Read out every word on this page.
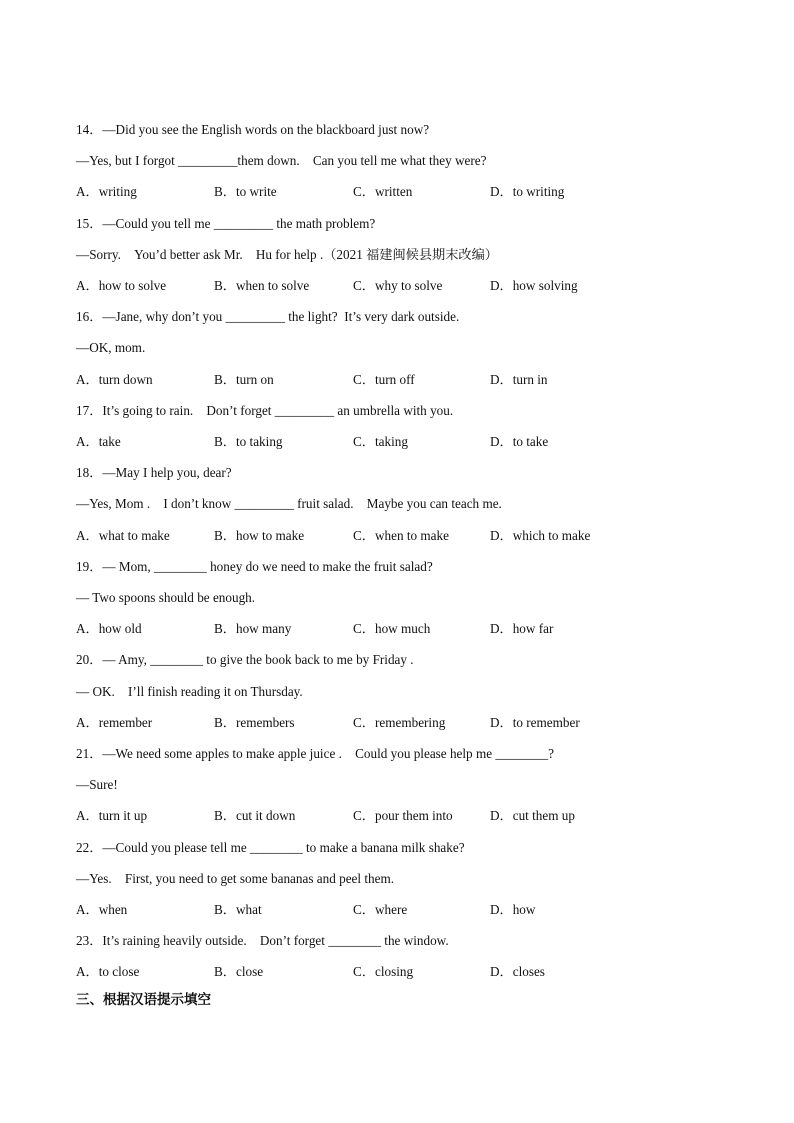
14．—Did you see the English words on the blackboard just now?
—Yes, but I forgot _________them down.　Can you tell me what they were?
A．writing	B．to write	C．written	D．to writing
15．—Could you tell me _________ the math problem?
—Sorry.　You’d better ask Mr.　Hu for help .（2021 福建闽候县期末改编）
A．how to solve	B．when to solve	C．why to solve	D．how solving
16．—Jane, why don’t you _________ the light?  It’s very dark outside.
—OK, mom.
A．turn down	B．turn on	C．turn off	D．turn in
17．It’s going to rain.　Don’t forget _________ an umbrella with you.
A．take	B．to taking	C．taking	D．to take
18．—May I help you, dear?
—Yes, Mom .　I don’t know _________ fruit salad.　Maybe you can teach me.
A．what to make	B．how to make	C．when to make	D．which to make
19．— Mom, ________ honey do we need to make the fruit salad?
— Two spoons should be enough.
A．how old	B．how many	C．how much	D．how far
20．— Amy, ________ to give the book back to me by Friday .
— OK.　I’ll finish reading it on Thursday.
A．remember	B．remembers	C．remembering	D．to remember
21．—We need some apples to make apple juice .　Could you please help me ________?
—Sure!
A．turn it up	B．cut it down	C．pour them into	D．cut them up
22．—Could you please tell me ________ to make a banana milk shake?
—Yes.　First, you need to get some bananas and peel them.
A．when	B．what	C．where	D．how
23．It’s raining heavily outside.　Don’t forget ________ the window.
A．to close	B．close	C．closing	D．closes
三、根据汉语提示填空
